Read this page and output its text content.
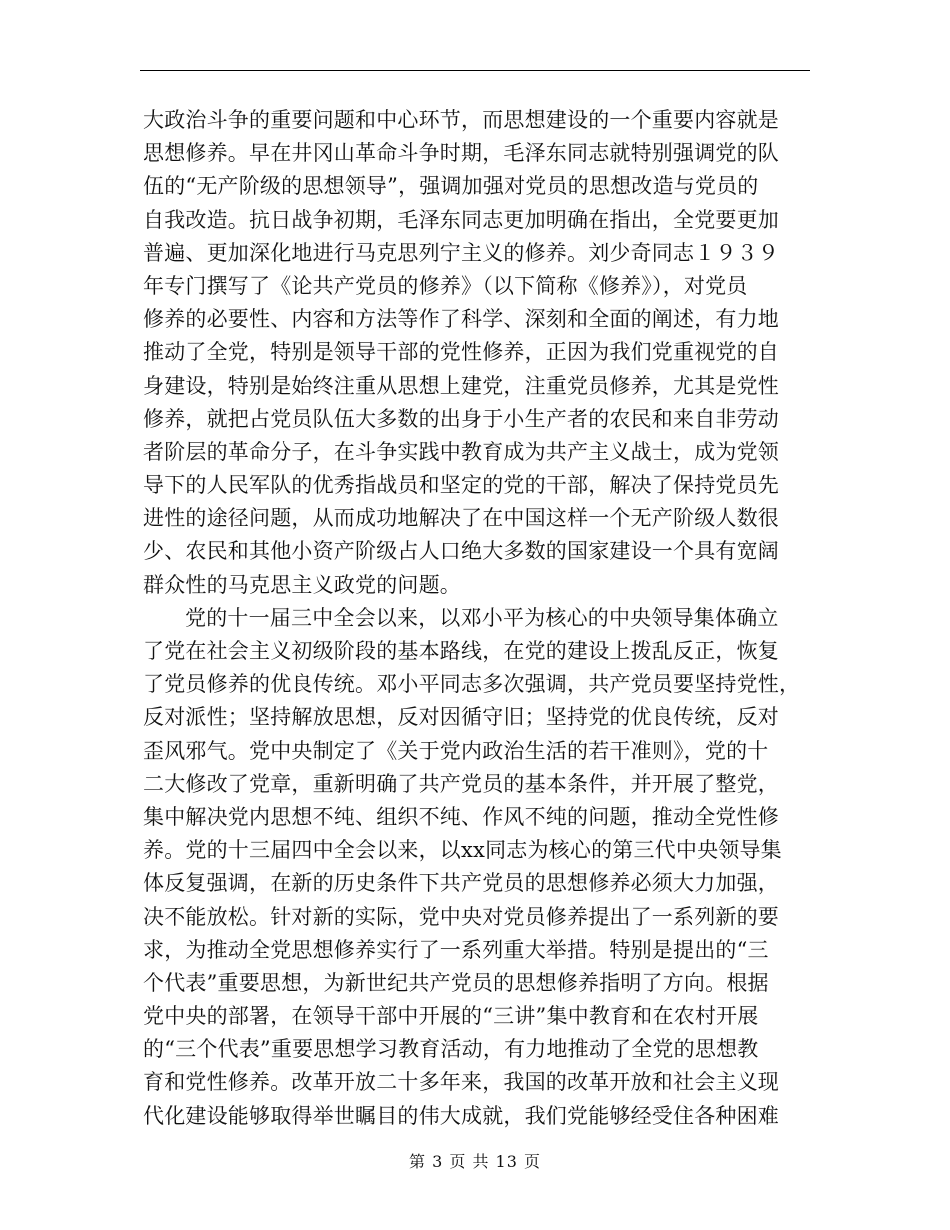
大政治斗争的重要问题和中心环节，而思想建设的一个重要内容就是
思想修养。早在井冈山革命斗争时期，毛泽东同志就特别强调党的队
伍的“无产阶级的思想领导”，强调加强对党员的思想改造与党员的
自我改造。抗日战争初期，毛泽东同志更加明确在指出，全党要更加
普遍、更加深化地进行马克思列宁主义的修养。刘少奇同志１９３９
年专门撰写了《论共产党员的修养》（以下简称《修养》），对党员
修养的必要性、内容和方法等作了科学、深刻和全面的阐述，有力地
推动了全党，特别是领导干部的党性修养，正因为我们党重视党的自
身建设，特别是始终注重从思想上建党，注重党员修养，尤其是党性
修养，就把占党员队伍大多数的出身于小生产者的农民和来自非劳动
者阶层的革命分子，在斗争实践中教育成为共产主义战士，成为党领
导下的人民军队的优秀指战员和坚定的党的干部，解决了保持党员先
进性的途径问题，从而成功地解决了在中国这样一个无产阶级人数很
少、农民和其他小资产阶级占人口绝大多数的国家建设一个具有宽阔
群众性的马克思主义政党的问题。
党的十一届三中全会以来，以邓小平为核心的中央领导集体确立
了党在社会主义初级阶段的基本路线，在党的建设上拨乱反正，恢复
了党员修养的优良传统。邓小平同志多次强调，共产党员要坚持党性，
反对派性；坚持解放思想，反对因循守旧；坚持党的优良传统，反对
歪风邪气。党中央制定了《关于党内政治生活的若干准则》，党的十
二大修改了党章，重新明确了共产党员的基本条件，并开展了整党，
集中解决党内思想不纯、组织不纯、作风不纯的问题，推动全党性修
养。党的十三届四中全会以来，以xx同志为核心的第三代中央领导集
体反复强调，在新的历史条件下共产党员的思想修养必须大力加强，
决不能放松。针对新的实际，党中央对党员修养提出了一系列新的要
求，为推动全党思想修养实行了一系列重大举措。特别是提出的“三
个代表”重要思想，为新世纪共产党员的思想修养指明了方向。根据
党中央的部署，在领导干部中开展的“三讲”集中教育和在农村开展
的“三个代表”重要思想学习教育活动，有力地推动了全党的思想教
育和党性修养。改革开放二十多年来，我国的改革开放和社会主义现
代化建设能够取得举世瞩目的伟大成就，我们党能够经受住各种困难
第 3 页 共 13 页
